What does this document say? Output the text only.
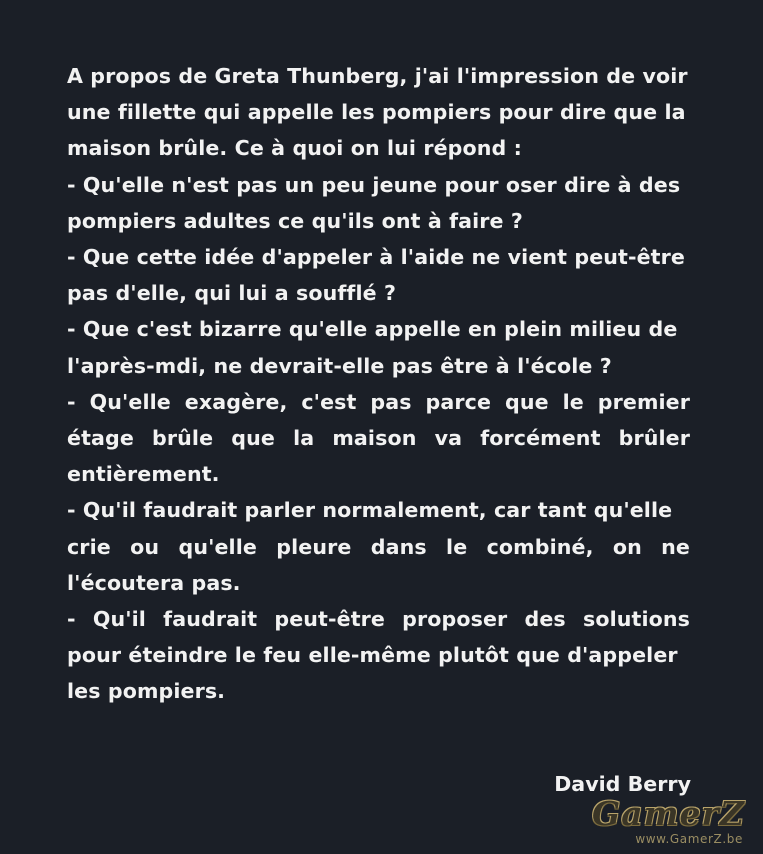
A propos de Greta Thunberg, j'ai l'impression de voir
une fillette qui appelle les pompiers pour dire que la
maison brûle. Ce à quoi on lui répond :
- Qu'elle n'est pas un peu jeune pour oser dire à des
pompiers adultes ce qu'ils ont à faire ?
- Que cette idée d'appeler à l'aide ne vient peut-être
pas d'elle, qui lui a soufflé ?
- Que c'est bizarre qu'elle appelle en plein milieu de
l'après-mdi, ne devrait-elle pas être à l'école ?
- Qu'elle exagère, c'est pas parce que le premier
étage brûle que la maison va forcément brûler
entièrement.
- Qu'il faudrait parler normalement, car tant qu'elle
crie ou qu'elle pleure dans le combiné, on ne
l'écoutera pas.
- Qu'il faudrait peut-être proposer des solutions
pour éteindre le feu elle-même plutôt que d'appeler
les pompiers.
David Berry
GamerZ
www.GamerZ.be
